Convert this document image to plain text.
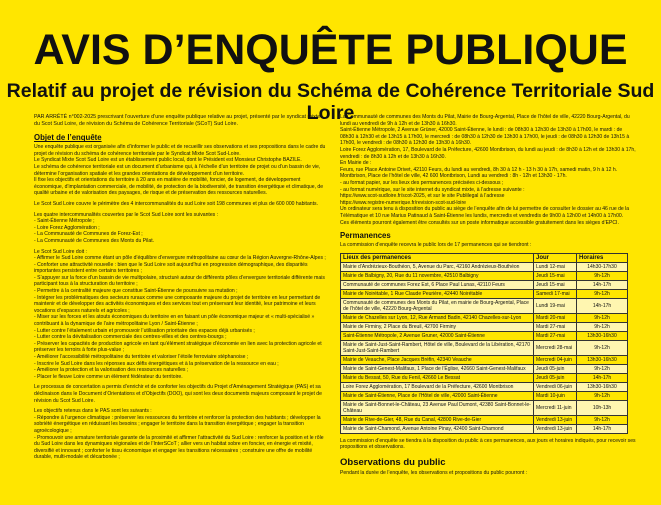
AVIS D’ENQUÊTE PUBLIQUE
Relatif au projet de révision du Schéma de Cohérence Territoriale Sud Loire

PAR ARRÊTÉ n°002-2025 prescrivant l’ouverture d’une enquête publique relative au projet, présenté par le syndicat mixte du Scot Sud Loire, de révision du Schéma de Cohérence Territoriale (SCoT) Sud Loire.

Objet de l’enquête

Une enquête publique est organisée afin d’informer le public et de recueillir ses observations et ses propositions dans le cadre du projet de révision du schéma de cohérence territoriale par le Syndicat Mixte Scot Sud-Loire.

Le Syndicat Mixte Scot Sud Loire est un établissement public local, dont le Président est Monsieur Christophe BAZILE.

Le schéma de cohérence territoriale est un document d’urbanisme qui, à l’échelle d’un territoire de projet ou d’un bassin de vie, détermine l’organisation spatiale et les grandes orientations de développement d’un territoire.

Il fixe les objectifs et orientations du territoire à 20 ans en matière de mobilité, foncier, de logement, de développement économique, d’implantation commerciale, de mobilité, de protection de la biodiversité, de transition énergétique et climatique, de qualité urbaine et de valorisation des paysages, de risque et de préservation des ressources naturelles.

Le Scot Sud Loire couvre le périmètre des 4 intercommunalités du sud Loire soit 198 communes et plus de 600 000 habitants.

Les quatre intercommunalités couvertes par le Scot Sud Loire sont les suivantes :

- Saint-Étienne Métropole ;

- Loire Forez Agglomération ;

- La Communauté de Communes de Forez-Est ;

- La Communauté de Communes des Monts du Pilat.

Le Scot Sud Loire doit :

- Affirmer le Sud Loire comme étant un pôle d’équilibre d’envergure métropolitaine au cœur de la Région Auvergne-Rhône-Alpes ;

- Conforter une attractivité nouvelle : bien que le Sud Loire soit aujourd’hui en progression démographique, des disparités importantes persistent entre certains territoires ;

- S’appuyer sur la force d’un bassin de vie multipolaire, structuré autour de différents pôles d’envergure territoriale différente mais participant tous à la structuration du territoire ;

- Permettre à la centralité majeure que constitue Saint-Étienne de poursuivre sa mutation ;

- Intégrer les problématiques des secteurs ruraux comme une composante majeure du projet de territoire en leur permettant de maintenir et de développer des activités économiques et des services tout en préservant leur identité, leur patrimoine et leurs vocations d’espaces naturels et agricoles ;

- Miser sur les forces et les atouts économiques du territoire en en faisant un pôle économique majeur et « multi-spécialisé » contribuant à la dynamique de l’aire métropolitaine Lyon / Saint-Étienne ;

- Lutter contre l’étalement urbain et promouvoir l’utilisation prioritaire des espaces déjà urbanisés ;

- Lutter contre la dévitalisation commerciale des centres-villes et des centres-bourgs ;

- Préserver les capacités de production agricole en tant qu’élément stratégique d’économie en lien avec la protection agricole et préserver les terroirs à forte plus-value ;

- Améliorer l’accessibilité métropolitaine du territoire et valoriser l’étoile ferroviaire stéphanoise ;

- Inscrire le Sud Loire dans les réponses aux défis énergétiques et à la préservation de la ressource en eau ;

- Améliorer la protection et la valorisation des ressources naturelles ;

- Placer le fleuve Loire comme un élément fédérateur du territoire.

Le processus de concertation a permis d’enrichir et de conforter les objectifs du Projet d’Aménagement Stratégique (PAS) et sa déclinaison dans le Document d’Orientations et d’Objectifs (DOO), qui sont les deux documents majeurs composant le projet de révision du Scot Sud Loire.

Les objectifs retenus dans le PAS sont les suivants :

- Répondre à l’urgence climatique : préserver les ressources du territoire et renforcer la protection des habitants ; développer la sobriété énergétique en réduisant les besoins ; engager le territoire dans la transition énergétique ; engager la transition agroécologique ;

- Promouvoir une armature territoriale garante de la proximité et affirmer l’attractivité du Sud Loire : renforcer la position et le rôle du Sud Loire dans les dynamiques régionales et de l’InterSCoT ; allier vers un habitat sobre en foncier, en énergie et mixité, diversifié et innovant ; conforter le tissu économique et engager les transitions nécessaires ; construire une offre de mobilité durable, multi-modale et décarbonée ;

La Communauté de communes des Monts du Pilat, Mairie de Bourg-Argental, Place de l’hôtel de ville, 42220 Bourg-Argental, du lundi au vendredi de 9h à 12h et de 13h30 à 16h30.

Saint-Étienne Métropole, 2 Avenue Grüner, 42000 Saint-Étienne, le lundi : de 08h30 à 12h30 de 13h30 à 17h00, le mardi : de 08h30 à 12h30 et de 13h15 à 17h00, le mercredi : de 08h30 à 12h30 de 13h30 à 17h00, le jeudi : de 08h30 à 12h30 de 13h15 à 17h00, le vendredi : de 08h30 à 12h30 de 13h30 à 16h30.

Loire Forez Agglomération, 17, Boulevard de la Préfecture, 42600 Montbrison, du lundi au jeudi : de 8h30 à 12h et de 13h30 à 17h, vendredi : de 8h30 à 12h et de 13h30 à 16h30.

En Mairie de :

Feurs, rue Place Antoine Drivet, 42110 Feurs, du lundi au vendredi, 8h 30 à 12 h - 13 h 30 à 17h, samedi matin, 9 h à 12 h.

Montbrison, Place de l’hôtel de ville, 42 600 Montbrison, Lundi au vendredi : 8h - 12h et 13h30 - 17h.

- au format papier, sur les lieux des permanences précisées ci-dessous ;

- au format numérique, sur le site internet du syndicat mixte, à l’adresse suivante :

https://www.scot-sudloire.fr/scot-2025, et sur le site Publilegal à l’adresse

https://www.registre-numerique.fr/revision-scot-sud-loire

Un ordinateur sera tenu à disposition du public au siège de l’enquête afin de lui permettre de consulter le dossier au 46 rue de la Télématique et 10 rue Marius Patinaud à Saint-Étienne les lundis, mercredis et vendredis de 9h00 à 12h00 et 14h00 à 17h00.

Ces éléments pourront également être consultés sur un poste informatique accessible gratuitement dans les sièges d’EPCI.

Permanences

La commission d’enquête recevra le public lors de 17 permanences qui se tiendront :

Lieux des permanences	Jour	Horaires
Mairie d’Andrézieux-Bouthéon, 5, Avenue du Parc, 42160 Andrézieux-Bouthéon	Lundi 12-mai	14h30-17h30
Mairie de Balbigny, 20, Rue du 11 novembre, 42510 Balbigny	Jeudi 15-mai	9h-12h
Communauté de communes Forez Est, 6 Place Paul Lunas, 42110 Feurs	Jeudi 15-mai	14h-17h
Mairie de Noirétable, 1 Rue Claude Peurière, 42440 Noirétable	Samedi 17-mai	9h-12h
Communauté de communes des Monts du Pilat, en mairie de Bourg-Argental, Place de l’hôtel de ville, 42220 Bourg-Argental	Lundi 19-mai	14h-17h
Mairie de Chazelles sur Lyon, 12, Rue Armand Badin, 42140 Chazelles-sur-Lyon	Mardi 20-mai	9h-12h
Mairie de Firminy, 2 Place du Breuil, 42700 Firminy	Mardi 27-mai	9h-12h
Saint-Étienne Métropole, 2 Avenue Gruner, 42000 Saint-Étienne	Mardi 27-mai	13h30-16h30
Mairie de Saint-Just-Saint-Rambert, Hôtel de ville, Boulevard de la Libération, 42170 Saint-Just-Saint-Rambert	Mercredi 28-mai	9h-12h
Mairie de Veauche, Place Jacques Bréfin, 42340 Veauche	Mercredi 04-juin	13h30-16h30
Mairie de Saint-Genest-Malifaux, 1 Place de l’Église, 42660 Saint-Genest-Malifaux	Jeudi 05-juin	9h-12h
Mairie du Bessat, 50, Rue du Fenil, 42660 Le Bessat	Jeudi 05-juin	14h-17h
Loire Forez Agglomération, 17 Boulevard de la Préfecture, 42600 Montbrison	Vendredi 06-juin	13h30-16h30
Mairie de Saint-Étienne, Place de l’Hôtel de ville, 42000 Saint-Étienne	Mardi 10-juin	9h-12h
Mairie de Saint-Bonnet-le-Château, 23 Avenue Paul Dumont, 42380 Saint-Bonnet-le-Château	Mercredi 11-juin	10h-13h
Mairie de Rive-de-Gier, 48, Rue du Canal, 42800 Rive-de-Gier	Vendredi 13-juin	9h-12h
Mairie de Saint-Chamond, Avenue Antoine Pinay, 42400 Saint-Chamond	Vendredi 13-juin	14h-17h

La commission d’enquête se tiendra à la disposition du public à ces permanences, aux jours et horaires indiqués, pour recevoir ses propositions et observations.

Observations du public

Pendant la durée de l’enquête, les observations et propositions du public pourront :
